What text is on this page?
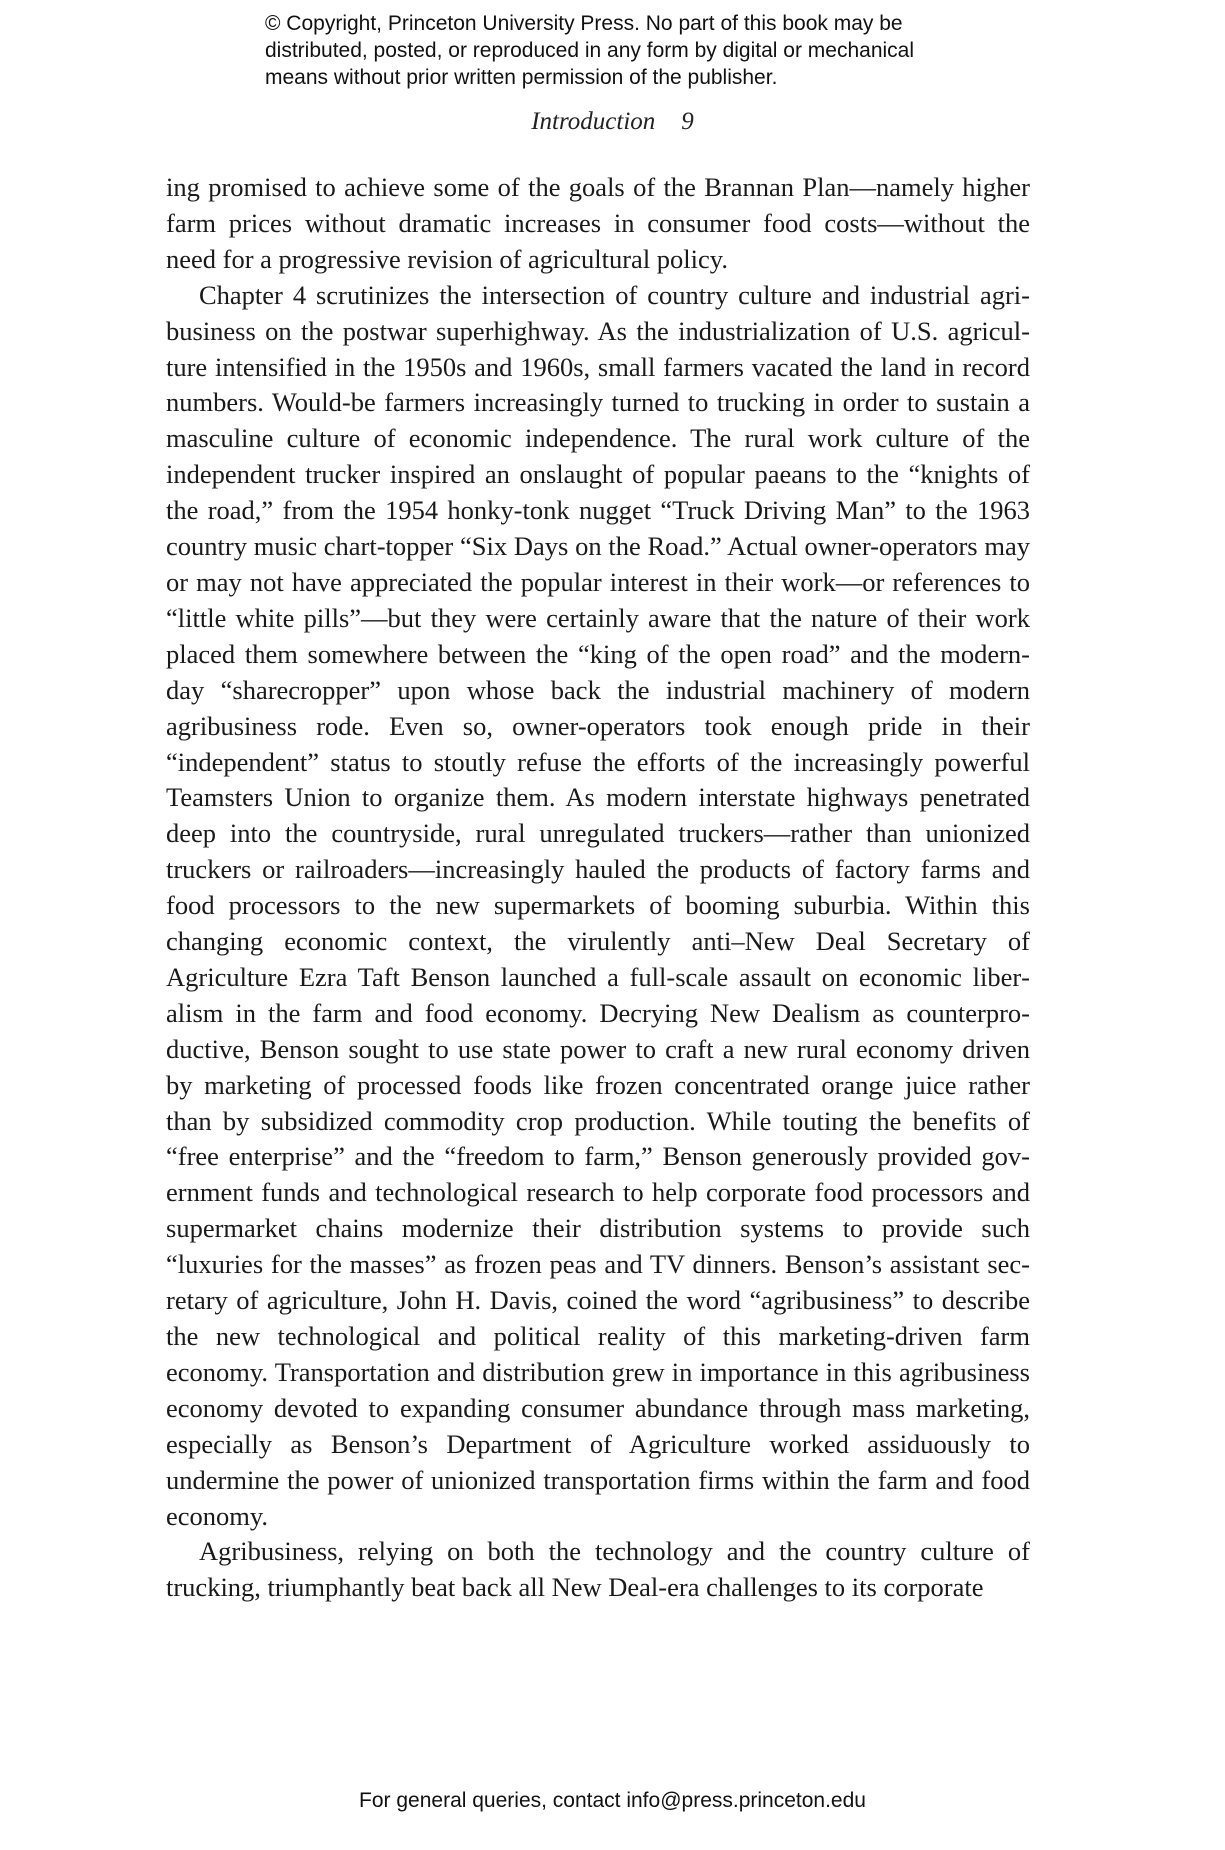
© Copyright, Princeton University Press. No part of this book may be
distributed, posted, or reproduced in any form by digital or mechanical
means without prior written permission of the publisher.
Introduction 9

ing promised to achieve some of the goals of the Brannan Plan—namely higher farm prices without dramatic increases in consumer food costs—without the need for a progressive revision of agricultural policy.

Chapter 4 scrutinizes the intersection of country culture and industrial agribusiness on the postwar superhighway. As the industrialization of U.S. agriculture intensified in the 1950s and 1960s, small farmers vacated the land in record numbers. Would-be farmers increasingly turned to trucking in order to sustain a masculine culture of economic independence. The rural work culture of the independent trucker inspired an onslaught of popular paeans to the “knights of the road,” from the 1954 honky-tonk nugget “Truck Driving Man” to the 1963 country music chart-topper “Six Days on the Road.” Actual owner-operators may or may not have appreciated the popular interest in their work—or references to “little white pills”—but they were certainly aware that the nature of their work placed them somewhere between the “king of the open road” and the modern-day “sharecropper” upon whose back the industrial machinery of modern agribusiness rode. Even so, owner-operators took enough pride in their “independent” status to stoutly refuse the efforts of the increasingly powerful Teamsters Union to organize them. As modern interstate highways penetrated deep into the countryside, rural unregulated truckers—rather than unionized truckers or railroaders—increasingly hauled the products of factory farms and food processors to the new supermarkets of booming suburbia. Within this changing economic context, the virulently anti–New Deal Secretary of Agriculture Ezra Taft Benson launched a full-scale assault on economic liberalism in the farm and food economy. Decrying New Dealism as counterproductive, Benson sought to use state power to craft a new rural economy driven by marketing of processed foods like frozen concentrated orange juice rather than by subsidized commodity crop production. While touting the benefits of “free enterprise” and the “freedom to farm,” Benson generously provided government funds and technological research to help corporate food processors and supermarket chains modernize their distribution systems to provide such “luxuries for the masses” as frozen peas and TV dinners. Benson’s assistant secretary of agriculture, John H. Davis, coined the word “agribusiness” to describe the new technological and political reality of this marketing-driven farm economy. Transportation and distribution grew in importance in this agribusiness economy devoted to expanding consumer abundance through mass marketing, especially as Benson’s Department of Agriculture worked assiduously to undermine the power of unionized transportation firms within the farm and food economy.

Agribusiness, relying on both the technology and the country culture of trucking, triumphantly beat back all New Deal-era challenges to its corporate

For general queries, contact info@press.princeton.edu
